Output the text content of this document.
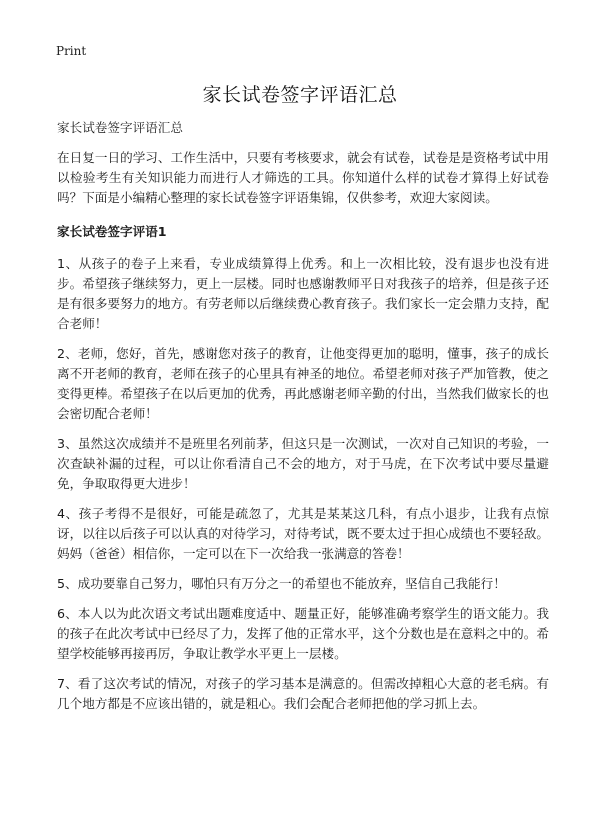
Print
家长试卷签字评语汇总

家长试卷签字评语汇总

在日复一日的学习、工作生活中，只要有考核要求，就会有试卷，试卷是是资格考试中用以检验考生有关知识能力而进行人才筛选的工具。你知道什么样的试卷才算得上好试卷吗？下面是小编精心整理的家长试卷签字评语集锦，仅供参考，欢迎大家阅读。

家长试卷签字评语1
1、从孩子的卷子上来看，专业成绩算得上优秀。和上一次相比较，没有退步也没有进步。希望孩子继续努力，更上一层楼。同时也感谢教师平日对我孩子的培养，但是孩子还是有很多要努力的地方。有劳老师以后继续费心教育孩子。我们家长一定会鼎力支持，配合老师！
2、老师，您好，首先，感谢您对孩子的教育，让他变得更加的聪明，懂事，孩子的成长离不开老师的教育，老师在孩子的心里具有神圣的地位。希望老师对孩子严加管教，使之变得更棒。希望孩子在以后更加的优秀，再此感谢老师辛勤的付出，当然我们做家长的也会密切配合老师！
3、虽然这次成绩并不是班里名列前茅，但这只是一次测试，一次对自己知识的考验，一次查缺补漏的过程，可以让你看清自己不会的地方，对于马虎，在下次考试中要尽量避免，争取取得更大进步！
4、孩子考得不是很好，可能是疏忽了，尤其是某某这几科，有点小退步，让我有点惊讶，以往以后孩子可以认真的对待学习，对待考试，既不要太过于担心成绩也不要轻敌。妈妈（爸爸）相信你，一定可以在下一次给我一张满意的答卷！
5、成功要靠自己努力，哪怕只有万分之一的希望也不能放弃，坚信自己我能行！
6、本人以为此次语文考试出题难度适中、题量正好，能够准确考察学生的语文能力。我的孩子在此次考试中已经尽了力，发挥了他的正常水平，这个分数也是在意料之中的。希望学校能够再接再厉，争取让教学水平更上一层楼。
7、看了这次考试的情况，对孩子的学习基本是满意的。但需改掉粗心大意的老毛病。有几个地方都是不应该出错的，就是粗心。我们会配合老师把他的学习抓上去。
